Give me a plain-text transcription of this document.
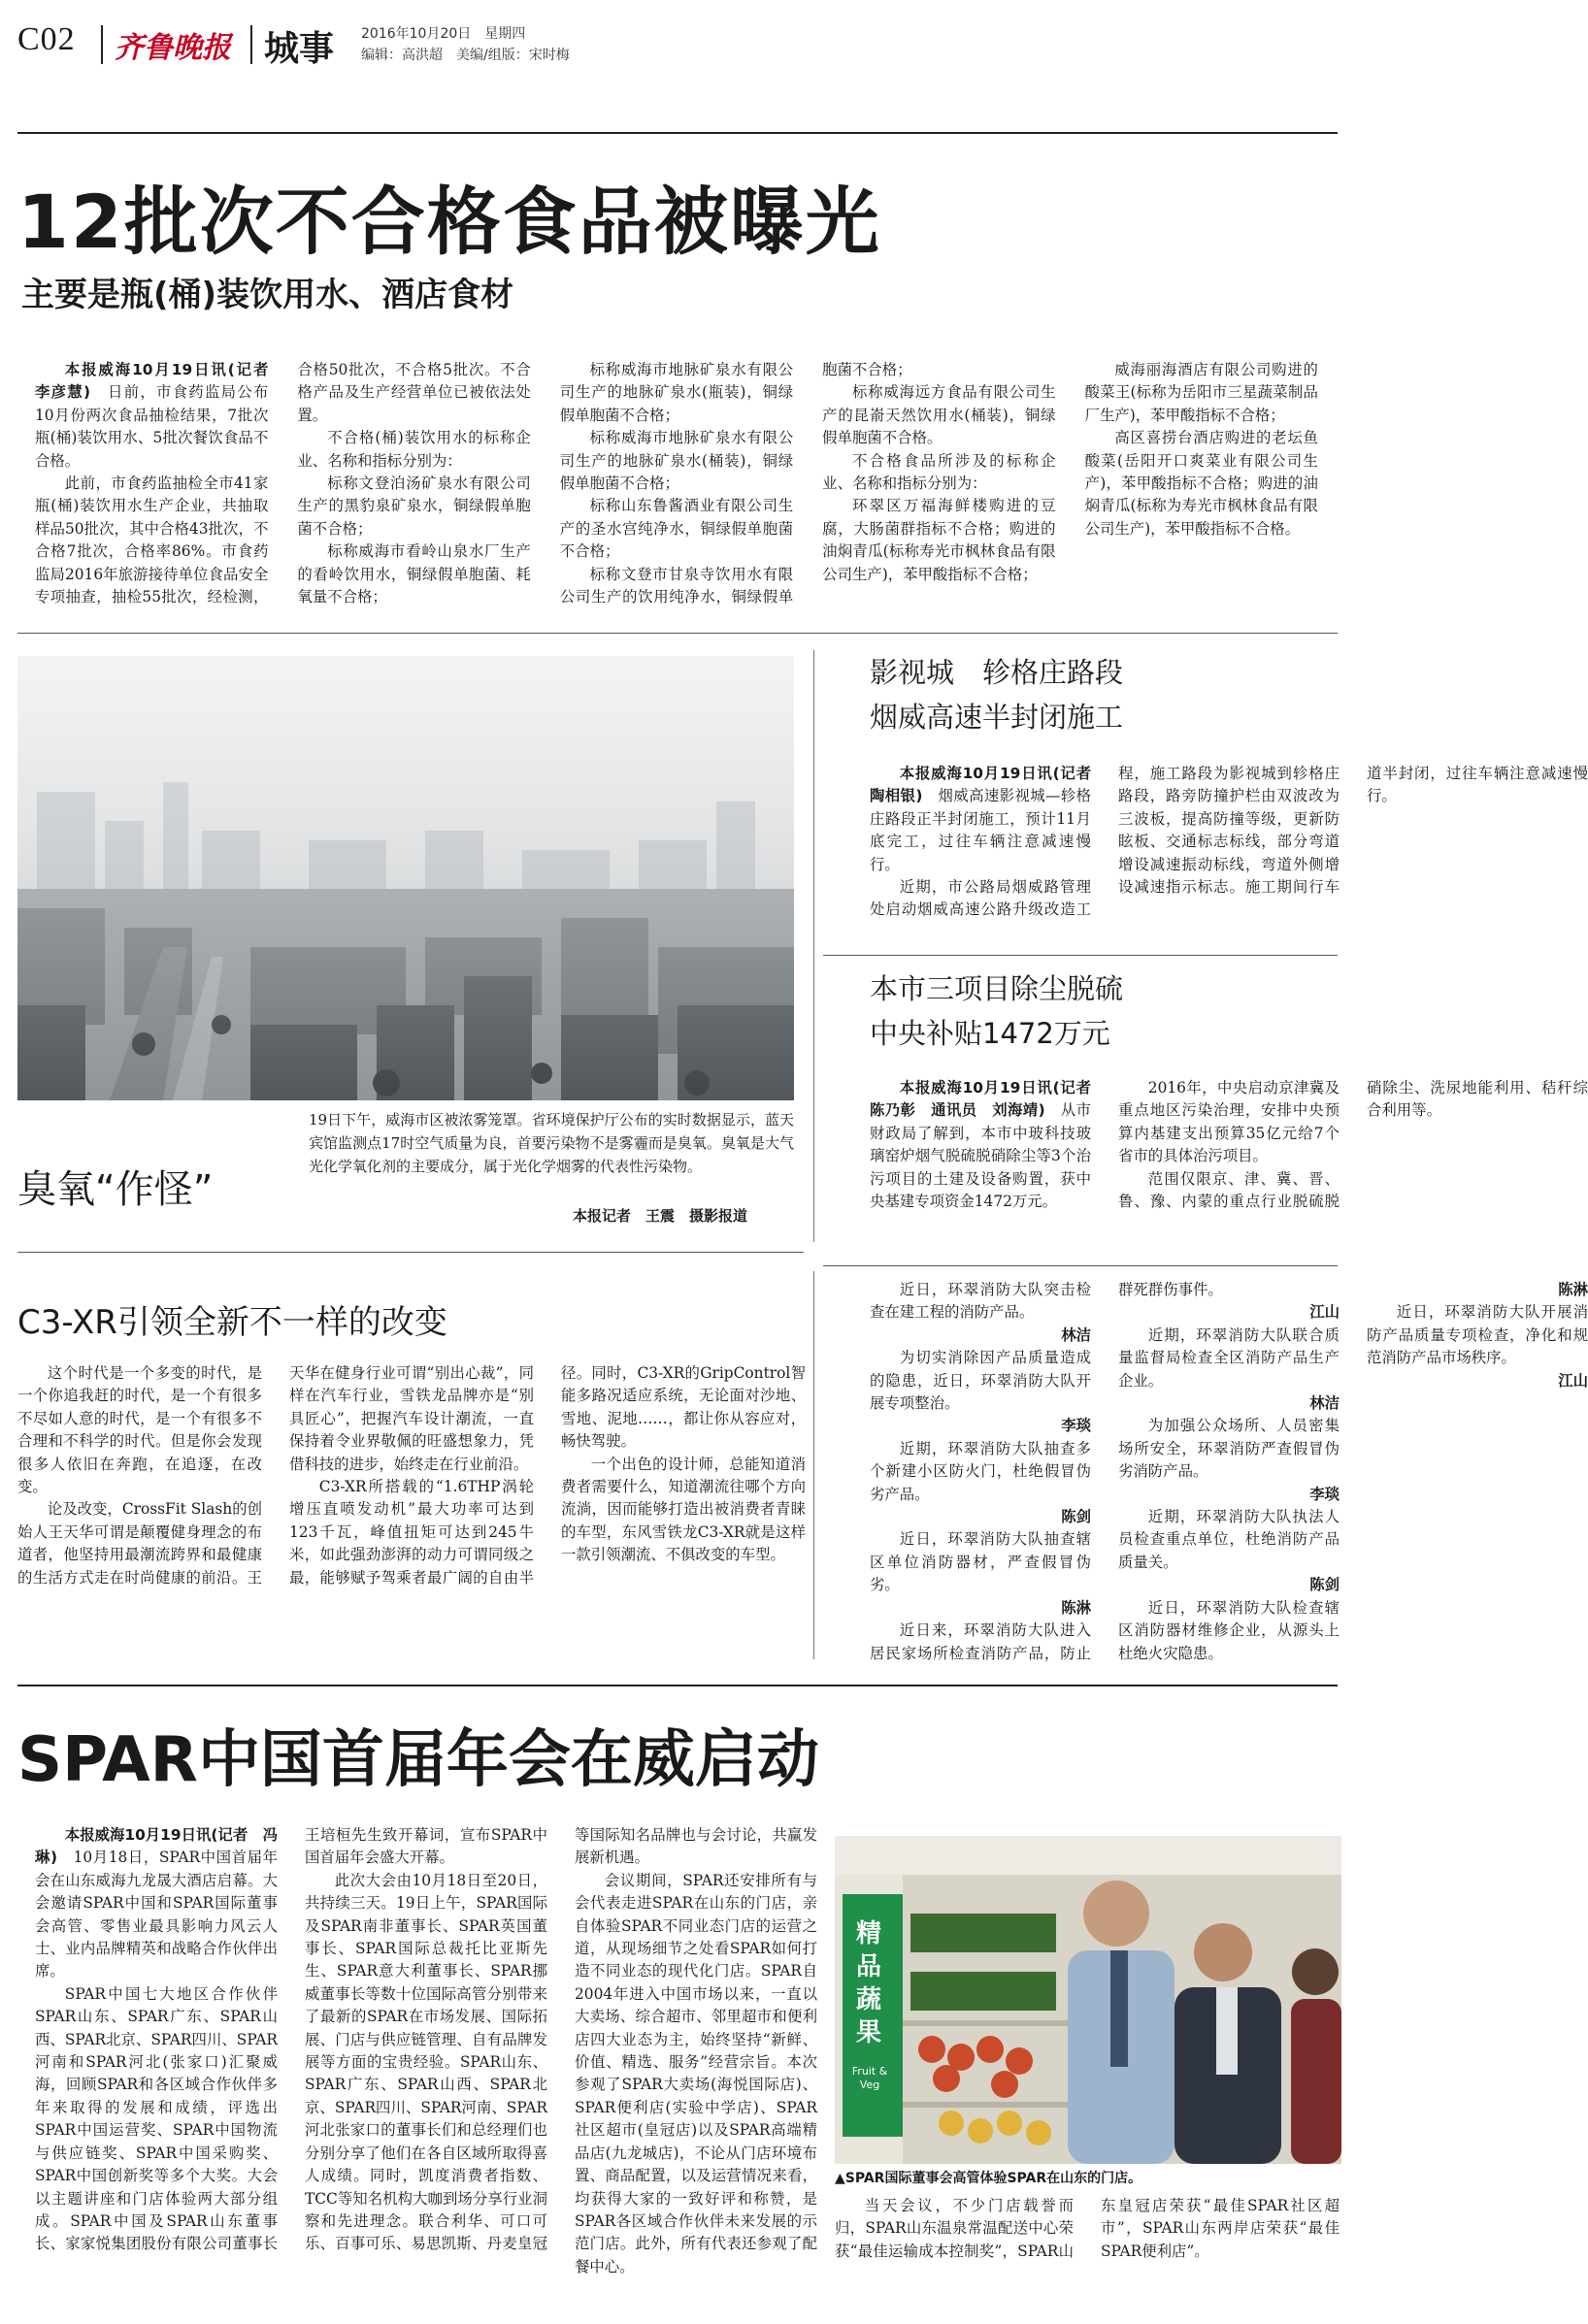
C02 齐鲁晚报 城事 2016年10月20日　星期四
编辑：高洪超　美编/组版：宋时梅
12批次不合格食品被曝光
主要是瓶(桶)装饮用水、酒店食材

本报威海10月19日讯(记者　李彦慧)　 日前，市食药监局公布10月份两次食品抽检结果，7批次瓶(桶)装饮用水、5批次餐饮食品不合格。

此前，市食药监抽检全市41家瓶(桶)装饮用水生产企业，共抽取样品50批次，其中合格43批次，不合格7批次，合格率86%。市食药监局2016年旅游接待单位食品安全专项抽查，抽检55批次，经检测，合格50批次，不合格5批次。不合格产品及生产经营单位已被依法处置。

不合格(桶)装饮用水的标称企业、名称和指标分别为：

标称文登泊汤矿泉水有限公司生产的黑豹泉矿泉水，铜绿假单胞菌不合格；

标称威海市看岭山泉水厂生产的看岭饮用水，铜绿假单胞菌、耗氧量不合格；

标称威海市地脉矿泉水有限公司生产的地脉矿泉水(瓶装)，铜绿假单胞菌不合格；

标称威海市地脉矿泉水有限公司生产的地脉矿泉水(桶装)，铜绿假单胞菌不合格；

标称山东鲁酱酒业有限公司生产的圣水宫纯净水，铜绿假单胞菌不合格；

标称文登市甘泉寺饮用水有限公司生产的饮用纯净水，铜绿假单胞菌不合格；

标称威海远方食品有限公司生产的昆嵛天然饮用水(桶装)，铜绿假单胞菌不合格。

不合格食品所涉及的标称企业、名称和指标分别为：

环翠区万福海鲜楼购进的豆腐，大肠菌群指标不合格；购进的油焖青瓜(标称寿光市枫林食品有限公司生产)，苯甲酸指标不合格；

威海丽海酒店有限公司购进的酸菜王(标称为岳阳市三星蔬菜制品厂生产)，苯甲酸指标不合格；

高区喜捞台酒店购进的老坛鱼酸菜(岳阳开口爽菜业有限公司生产)，苯甲酸指标不合格；购进的油焖青瓜(标称为寿光市枫林食品有限公司生产)，苯甲酸指标不合格。

臭氧“作怪”
19日下午，威海市区被浓雾笼罩。省环境保护厅公布的实时数据显示，蓝天宾馆监测点17时空气质量为良，首要污染物不是雾霾而是臭氧。臭氧是大气光化学氧化剂的主要成分，属于光化学烟雾的代表性污染物。
本报记者　王震　摄影报道
影视城　轸格庄路段
烟威高速半封闭施工

本报威海10月19日讯(记者　陶相银)　 烟威高速影视城—轸格庄路段正半封闭施工，预计11月底完工，过往车辆注意减速慢行。

近期，市公路局烟威路管理处启动烟威高速公路升级改造工程，施工路段为影视城到轸格庄路段，路旁防撞护栏由双波改为三波板，提高防撞等级，更新防眩板、交通标志标线，部分弯道增设减速振动标线，弯道外侧增设减速指示标志。施工期间行车道半封闭，过往车辆注意减速慢行。

本市三项目除尘脱硫
中央补贴1472万元

本报威海10月19日讯(记者　陈乃彰　通讯员　刘海靖)　 从市财政局了解到，本市中玻科技玻璃窑炉烟气脱硫脱硝除尘等3个治污项目的土建及设备购置，获中央基建专项资金1472万元。

2016年，中央启动京津冀及重点地区污染治理，安排中央预算内基建支出预算35亿元给7个省市的具体治污项目。

范围仅限京、津、冀、晋、鲁、豫、内蒙的重点行业脱硫脱硝除尘、洗尿地能利用、秸秆综合利用等。

C3-XR引领全新不一样的改变

这个时代是一个多变的时代，是一个你追我赶的时代，是一个有很多不尽如人意的时代，是一个有很多不合理和不科学的时代。但是你会发现很多人依旧在奔跑，在追逐，在改变。

论及改变，CrossFit Slash的创始人王天华可谓是颠覆健身理念的布道者，他坚持用最潮流跨界和最健康的生活方式走在时尚健康的前沿。王天华在健身行业可谓“别出心裁”，同样在汽车行业，雪铁龙品牌亦是“别具匠心”，把握汽车设计潮流，一直保持着令业界敬佩的旺盛想象力，凭借科技的进步，始终走在行业前沿。

C3-XR所搭载的“1.6THP涡轮增压直喷发动机”最大功率可达到123千瓦，峰值扭矩可达到245牛米，如此强劲澎湃的动力可谓同级之最，能够赋予驾乘者最广阔的自由半径。同时，C3-XR的GripControl智能多路况适应系统，无论面对沙地、雪地、泥地……，都让你从容应对，畅快驾驶。

一个出色的设计师，总能知道消费者需要什么，知道潮流往哪个方向流淌，因而能够打造出被消费者青睐的车型，东风雪铁龙C3-XR就是这样一款引领潮流、不俱改变的车型。

近日，环翠消防大队突击检查在建工程的消防产品。

林洁

为切实消除因产品质量造成的隐患，近日，环翠消防大队开展专项整治。

李琰

近期，环翠消防大队抽查多个新建小区防火门，杜绝假冒伪劣产品。

陈剑

近日，环翠消防大队抽查辖区单位消防器材，严查假冒伪劣。

陈淋

近日来，环翠消防大队进入居民家场所检查消防产品，防止群死群伤事件。

江山

近期，环翠消防大队联合质量监督局检查全区消防产品生产企业。

林洁

为加强公众场所、人员密集场所安全，环翠消防严查假冒伪劣消防产品。

李琰

近期，环翠消防大队执法人员检查重点单位，杜绝消防产品质量关。

陈剑

近日，环翠消防大队检查辖区消防器材维修企业，从源头上杜绝火灾隐患。

陈淋

近日，环翠消防大队开展消防产品质量专项检查，净化和规范消防产品市场秩序。

江山

SPAR中国首届年会在威启动

本报威海10月19日讯(记者　冯琳)　 10月18日，SPAR中国首届年会在山东威海九龙晟大酒店启幕。大会邀请SPAR中国和SPAR国际董事会高管、零售业最具影响力风云人士、业内品牌精英和战略合作伙伴出席。

SPAR中国七大地区合作伙伴SPAR山东、SPAR广东、SPAR山西、SPAR北京、SPAR四川、SPAR河南和SPAR河北(张家口)汇聚威海，回顾SPAR和各区域合作伙伴多年来取得的发展和成绩，评选出SPAR中国运营奖、SPAR中国物流与供应链奖、SPAR中国采购奖、SPAR中国创新奖等多个大奖。大会以主题讲座和门店体验两大部分组成。SPAR中国及SPAR山东董事长、家家悦集团股份有限公司董事长王培桓先生致开幕词，宣布SPAR中国首届年会盛大开幕。

此次大会由10月18日至20日，共持续三天。19日上午，SPAR国际及SPAR南非董事长、SPAR英国董事长、SPAR国际总裁托比亚斯先生、SPAR意大利董事长、SPAR挪威董事长等数十位国际高管分别带来了最新的SPAR在市场发展、国际拓展、门店与供应链管理、自有品牌发展等方面的宝贵经验。SPAR山东、SPAR广东、SPAR山西、SPAR北京、SPAR四川、SPAR河南、SPAR河北张家口的董事长们和总经理们也分别分享了他们在各自区域所取得喜人成绩。同时，凯度消费者指数、TCC等知名机构大咖到场分享行业洞察和先进理念。联合利华、可口可乐、百事可乐、易思凯斯、丹麦皇冠等国际知名品牌也与会讨论，共赢发展新机遇。

会议期间，SPAR还安排所有与会代表走进SPAR在山东的门店，亲自体验SPAR不同业态门店的运营之道，从现场细节之处看SPAR如何打造不同业态的现代化门店。SPAR自2004年进入中国市场以来，一直以大卖场、综合超市、邻里超市和便利店四大业态为主，始终坚持“新鲜、价值、精选、服务”经营宗旨。本次参观了SPAR大卖场(海悦国际店)、SPAR便利店(实验中学店)、SPAR社区超市(皇冠店)以及SPAR高端精品店(九龙城店)，不论从门店环境布置、商品配置，以及运营情况来看，均获得大家的一致好评和称赞，是SPAR各区域合作伙伴未来发展的示范门店。此外，所有代表还参观了配餐中心。

精品蔬果
Fruit & Veg
▲SPAR国际董事会高管体验SPAR在山东的门店。

当天会议，不少门店载誉而归，SPAR山东温泉常温配送中心荣获“最佳运输成本控制奖”，SPAR山东皇冠店荣获“最佳SPAR社区超市”，SPAR山东两岸店荣获“最佳SPAR便利店”。
